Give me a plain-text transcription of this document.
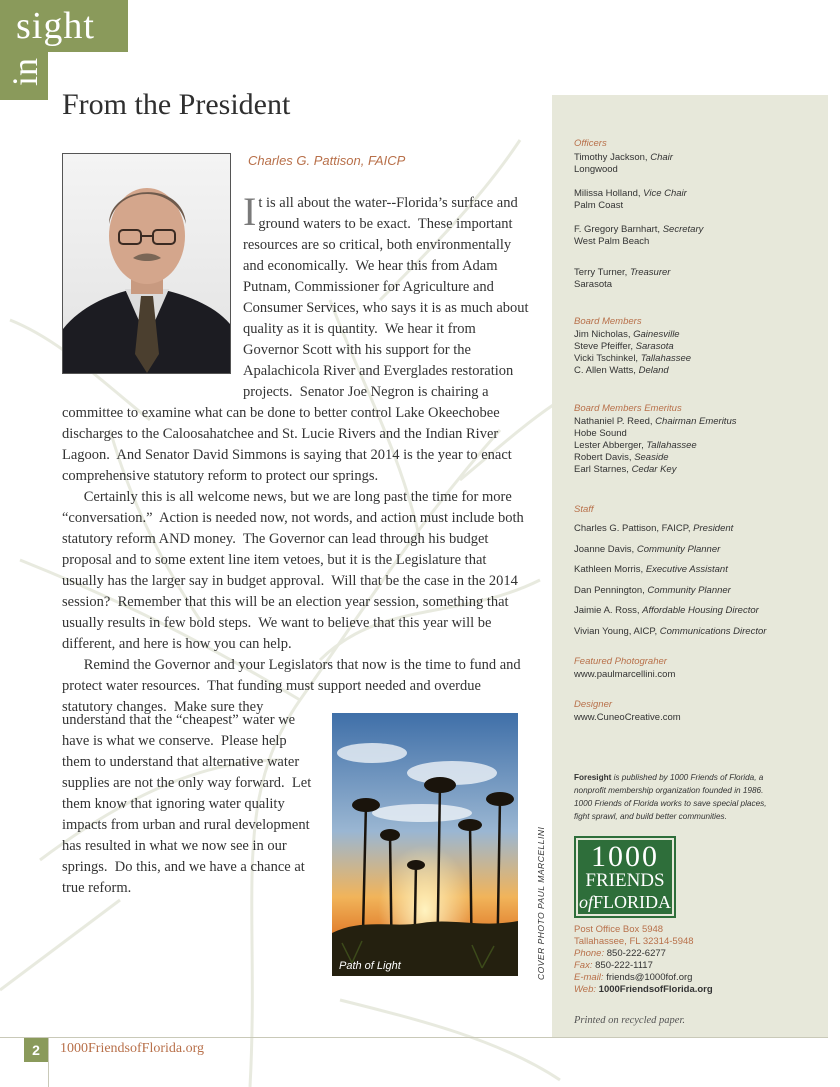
sight
in
From the President
Charles G. Pattison, FAICP
I t is all about the water--Florida’s surface and
ground waters to be exact.  These important
resources are so critical, both environmentally
and economically.  We hear this from Adam
Putnam, Commissioner for Agriculture and
Consumer Services, who says it is as much about
quality as it is quantity.  We hear it from
Governor Scott with his support for the
Apalachicola River and Everglades restoration
projects.  Senator Joe Negron is chairing a
committee to examine what can be done to better control Lake Okeechobee
discharges to the Caloosahatchee and St. Lucie Rivers and the Indian River
Lagoon.  And Senator David Simmons is saying that 2014 is the year to enact
comprehensive statutory reform to protect our springs.
Certainly this is all welcome news, but we are long past the time for more
“conversation.”  Action is needed now, not words, and action must include both
statutory reform AND money.  The Governor can lead through his budget
proposal and to some extent line item vetoes, but it is the Legislature that
usually has the larger say in budget approval.  Will that be the case in the 2014
session?  Remember that this will be an election year session, something that
usually results in few bold steps.  We want to believe that this year will be
different, and here is how you can help.
Remind the Governor and your Legislators that now is the time to fund and
protect water resources.  That funding must support needed and overdue
statutory changes.  Make sure they
understand that the “cheapest” water we
have is what we conserve.  Please help
them to understand that alternative water
supplies are not the only way forward.  Let
them know that ignoring water quality
impacts from urban and rural development
has resulted in what we now see in our
springs.  Do this, and we have a chance at
true reform.
Path of Light	COVER PHOTO PAUL MARCELLINI
Officers
Timothy Jackson, Chair
Longwood
Milissa Holland, Vice Chair
Palm Coast
F. Gregory Barnhart, Secretary
West Palm Beach
Terry Turner, Treasurer
Sarasota
Board Members
Jim Nicholas, Gainesville
Steve Pfeiffer, Sarasota
Vicki Tschinkel, Tallahassee
C. Allen Watts, Deland
Board Members Emeritus
Nathaniel P. Reed, Chairman Emeritus
Hobe Sound
Lester Abberger, Tallahassee
Robert Davis, Seaside
Earl Starnes, Cedar Key
Staff
Charles G. Pattison, FAICP, President
Joanne Davis, Community Planner
Kathleen Morris, Executive Assistant
Dan Pennington, Community Planner
Jaimie A. Ross, Affordable Housing Director
Vivian Young, AICP, Communications Director
Featured Photograher
www.paulmarcellini.com
Designer
www.CuneoCreative.com
Foresight is published by 1000 Friends of Florida, a nonprofit membership organization founded in 1986. 1000 Friends of Florida works to save special places, fight sprawl, and build better communities.
1000
FRIENDS
ofFLORIDA
Post Office Box 5948
Tallahassee, FL 32314-5948
Phone: 850-222-6277
Fax: 850-222-1117
E-mail: friends@1000fof.org
Web: 1000FriendsofFlorida.org
Printed on recycled paper.
2	1000FriendsofFlorida.org
